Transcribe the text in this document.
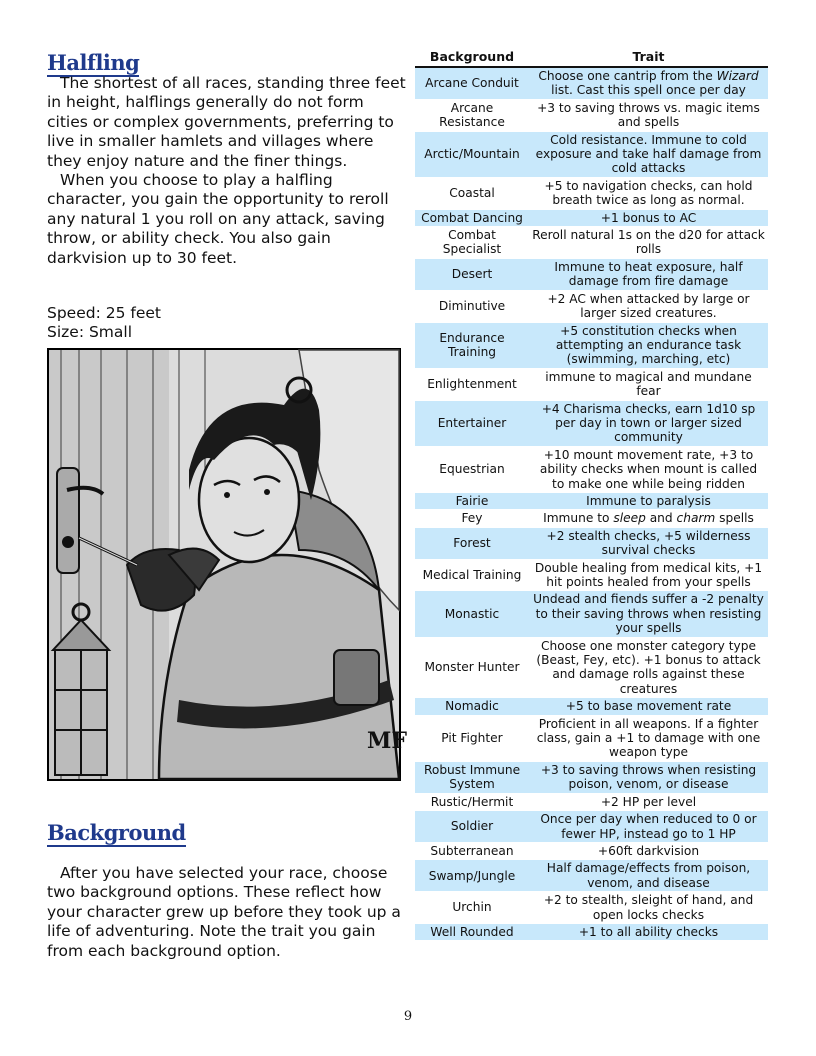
Halfling

The shortest of all races, standing three feet in height, halflings generally do not form cities or complex governments, preferring to live in smaller hamlets and villages where they enjoy nature and the finer things.

When you choose to play a halfling character, you gain the opportunity to reroll any natural 1 you roll on any attack, saving throw, or ability check. You also gain darkvision up to 30 feet.

Speed: 25 feet
Size: Small
MF
Background

After you have selected your race, choose two background options. These reflect how your character grew up before they took up a life of adventuring. Note the trait you gain from each background option.

Background	Trait
Arcane Conduit	Choose one cantrip from the Wizard list. Cast this spell once per day
Arcane Resistance	+3 to saving throws vs. magic items and spells
Arctic/Mountain	Cold resistance. Immune to cold exposure and take half damage from cold attacks
Coastal	+5 to navigation checks, can hold breath twice as long as normal.
Combat Dancing	+1 bonus to AC
Combat Specialist	Reroll natural 1s on the d20 for attack rolls
Desert	Immune to heat exposure, half damage from fire damage
Diminutive	+2 AC when attacked by large or larger sized creatures.
Endurance Training	+5 constitution checks when attempting an endurance task (swimming, marching, etc)
Enlightenment	immune to magical and mundane fear
Entertainer	+4 Charisma checks, earn 1d10 sp per day in town or larger sized community
Equestrian	+10 mount movement rate, +3 to ability checks when mount is called to make one while being ridden
Fairie	Immune to paralysis
Fey	Immune to sleep and charm spells
Forest	+2 stealth checks, +5 wilderness survival checks
Medical Training	Double healing from medical kits, +1 hit points healed from your spells
Monastic	Undead and fiends suffer a -2 penalty to their saving throws when resisting your spells
Monster Hunter	Choose one monster category type (Beast, Fey, etc). +1 bonus to attack and damage rolls against these creatures
Nomadic	+5 to base movement rate
Pit Fighter	Proficient in all weapons. If a fighter class, gain a +1 to damage with one weapon type
Robust Immune System	+3 to saving throws when resisting poison, venom, or disease
Rustic/Hermit	+2 HP per level
Soldier	Once per day when reduced to 0 or fewer HP, instead go to 1 HP
Subterranean	+60ft darkvision
Swamp/Jungle	Half damage/effects from poison, venom, and disease
Urchin	+2 to stealth, sleight of hand, and open locks checks
Well Rounded	+1 to all ability checks
9
